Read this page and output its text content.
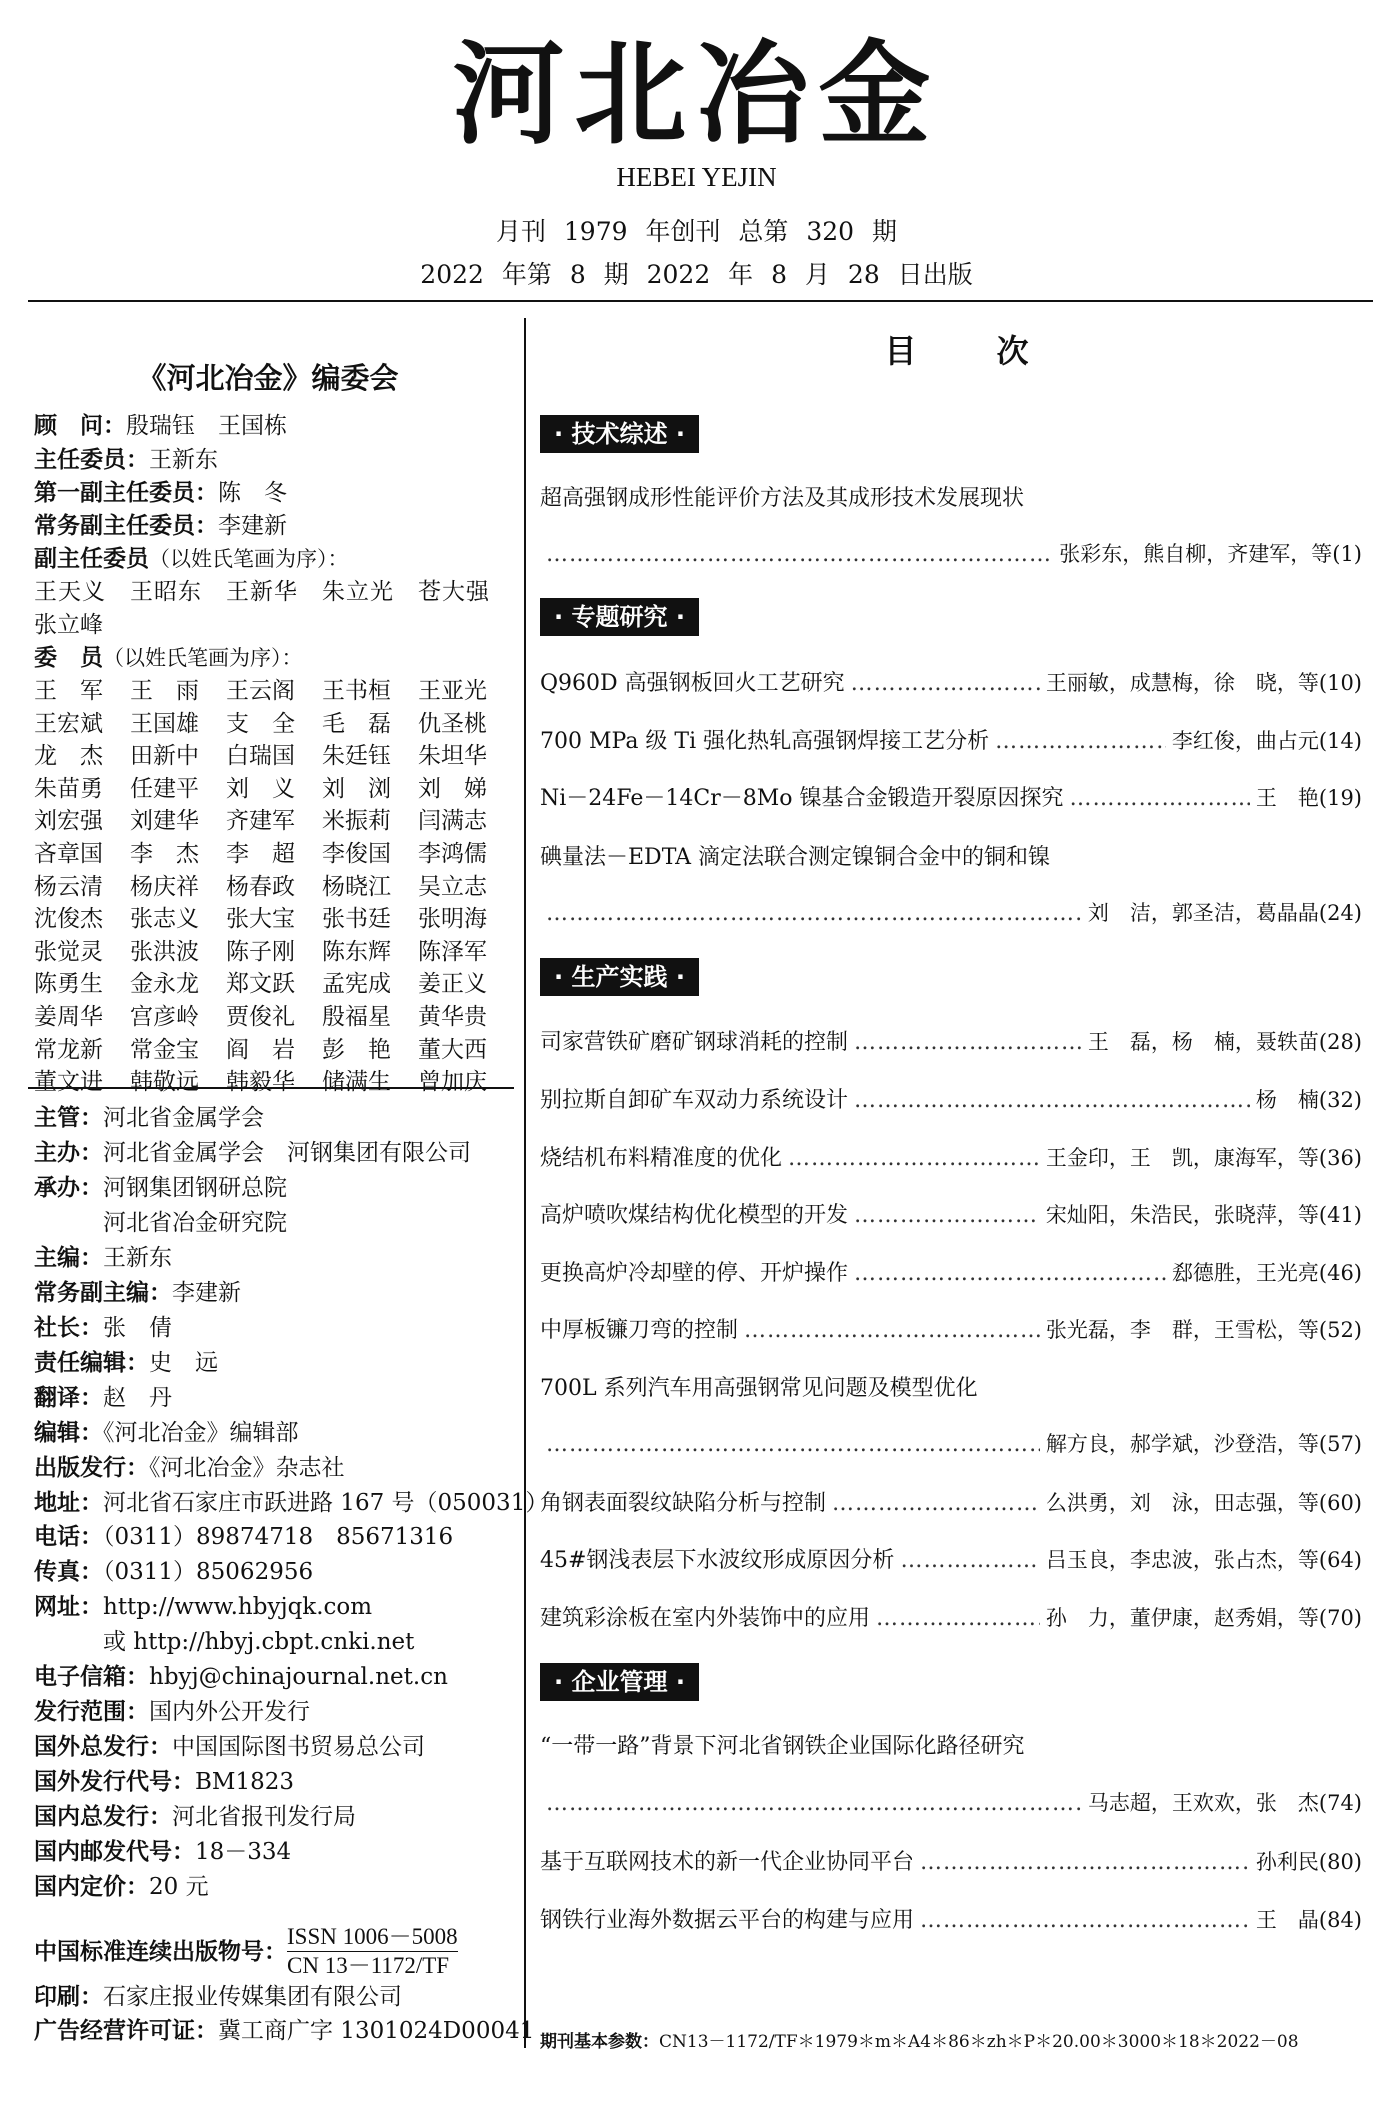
河北冶金
HEBEI YEJIN
月刊 1979 年创刊 总第 320 期
2022 年第 8 期 2022 年 8 月 28 日出版
《河北冶金》编委会
顾　问：殷瑞钰　王国栋
主任委员：王新东
第一副主任委员：陈　冬
常务副主任委员：李建新
副主任委员（以姓氏笔画为序）：
王天义　王昭东　王新华　朱立光　苍大强
张立峰
委　员（以姓氏笔画为序）：
王　军	王　雨	王云阁	王书桓	王亚光
王宏斌	王国雄	支　全	毛　磊	仇圣桃
龙　杰	田新中	白瑞国	朱廷钰	朱坦华
朱苗勇	任建平	刘　义	刘　浏	刘　娣
刘宏强	刘建华	齐建军	米振莉	闫满志
吝章国	李　杰	李　超	李俊国	李鸿儒
杨云清	杨庆祥	杨春政	杨晓江	吴立志
沈俊杰	张志义	张大宝	张书廷	张明海
张觉灵	张洪波	陈子刚	陈东辉	陈泽军
陈勇生	金永龙	郑文跃	孟宪成	姜正义
姜周华	宫彦岭	贾俊礼	殷福星	黄华贵
常龙新	常金宝	阎　岩	彭　艳	董大西
董文进	韩敬远	韩毅华	储满生	曾加庆
主管：河北省金属学会
主办：河北省金属学会　河钢集团有限公司
承办：河钢集团钢研总院
　　　河北省冶金研究院
主编：王新东
常务副主编：李建新
社长：张　倩
责任编辑：史　远
翻译：赵　丹
编辑：《河北冶金》编辑部
出版发行：《河北冶金》杂志社
地址：河北省石家庄市跃进路 167 号（050031）
电话：（0311）89874718　85671316
传真：（0311）85062956
网址：http://www.hbyjqk.com
　　　或 http://hbyj.cbpt.cnki.net
电子信箱：hbyj@chinajournal.net.cn
发行范围：国内外公开发行
国外总发行：中国国际图书贸易总公司
国外发行代号：BM1823
国内总发行：河北省报刊发行局
国内邮发代号：18－334
国内定价：20 元
中国标准连续出版物号：
ISSN 1006－5008
CN 13－1172/TF
印刷：石家庄报业传媒集团有限公司
广告经营许可证：冀工商广字 1301024D00041
目次
· 技术综述 ·
超高强钢成形性能评价方法及其成形技术发展现状
…………………………………………………………………………………………………………………………………………
张彩东，熊自柳，齐建军，等(1)
· 专题研究 ·
Q960D 高强钢板回火工艺研究 …………………………………………………………………………………………………………………………………………	王丽敏，成慧梅，徐　晓，等(10)
700 MPa 级 Ti 强化热轧高强钢焊接工艺分析 …………………………………………………………………………………………………………………………………………	李红俊，曲占元(14)
Ni－24Fe－14Cr－8Mo 镍基合金锻造开裂原因探究 …………………………………………………………………………………………………………………………………………	王　艳(19)
碘量法－EDTA 滴定法联合测定镍铜合金中的铜和镍
…………………………………………………………………………………………………………………………………………
刘　洁，郭圣洁，葛晶晶(24)
· 生产实践 ·
司家营铁矿磨矿钢球消耗的控制 …………………………………………………………………………………………………………………………………………	王　磊，杨　楠，聂轶苗(28)
别拉斯自卸矿车双动力系统设计 …………………………………………………………………………………………………………………………………………	杨　楠(32)
烧结机布料精准度的优化 …………………………………………………………………………………………………………………………………………	王金印，王　凯，康海军，等(36)
高炉喷吹煤结构优化模型的开发 …………………………………………………………………………………………………………………………………………	宋灿阳，朱浩民，张晓萍，等(41)
更换高炉冷却壁的停、开炉操作 …………………………………………………………………………………………………………………………………………	郄德胜，王光亮(46)
中厚板镰刀弯的控制 …………………………………………………………………………………………………………………………………………	张光磊，李　群，王雪松，等(52)
700L 系列汽车用高强钢常见问题及模型优化
…………………………………………………………………………………………………………………………………………
解方良，郝学斌，沙登浩，等(57)
角钢表面裂纹缺陷分析与控制 …………………………………………………………………………………………………………………………………………	么洪勇，刘　泳，田志强，等(60)
45#钢浅表层下水波纹形成原因分析 …………………………………………………………………………………………………………………………………………	吕玉良，李忠波，张占杰，等(64)
建筑彩涂板在室内外装饰中的应用 …………………………………………………………………………………………………………………………………………	孙　力，董伊康，赵秀娟，等(70)
· 企业管理 ·
“一带一路”背景下河北省钢铁企业国际化路径研究
…………………………………………………………………………………………………………………………………………
马志超，王欢欢，张　杰(74)
基于互联网技术的新一代企业协同平台 …………………………………………………………………………………………………………………………………………	孙利民(80)
钢铁行业海外数据云平台的构建与应用 …………………………………………………………………………………………………………………………………………	王　晶(84)
期刊基本参数：CN13－1172/TF＊1979＊m＊A4＊86＊zh＊P＊20.00＊3000＊18＊2022－08
